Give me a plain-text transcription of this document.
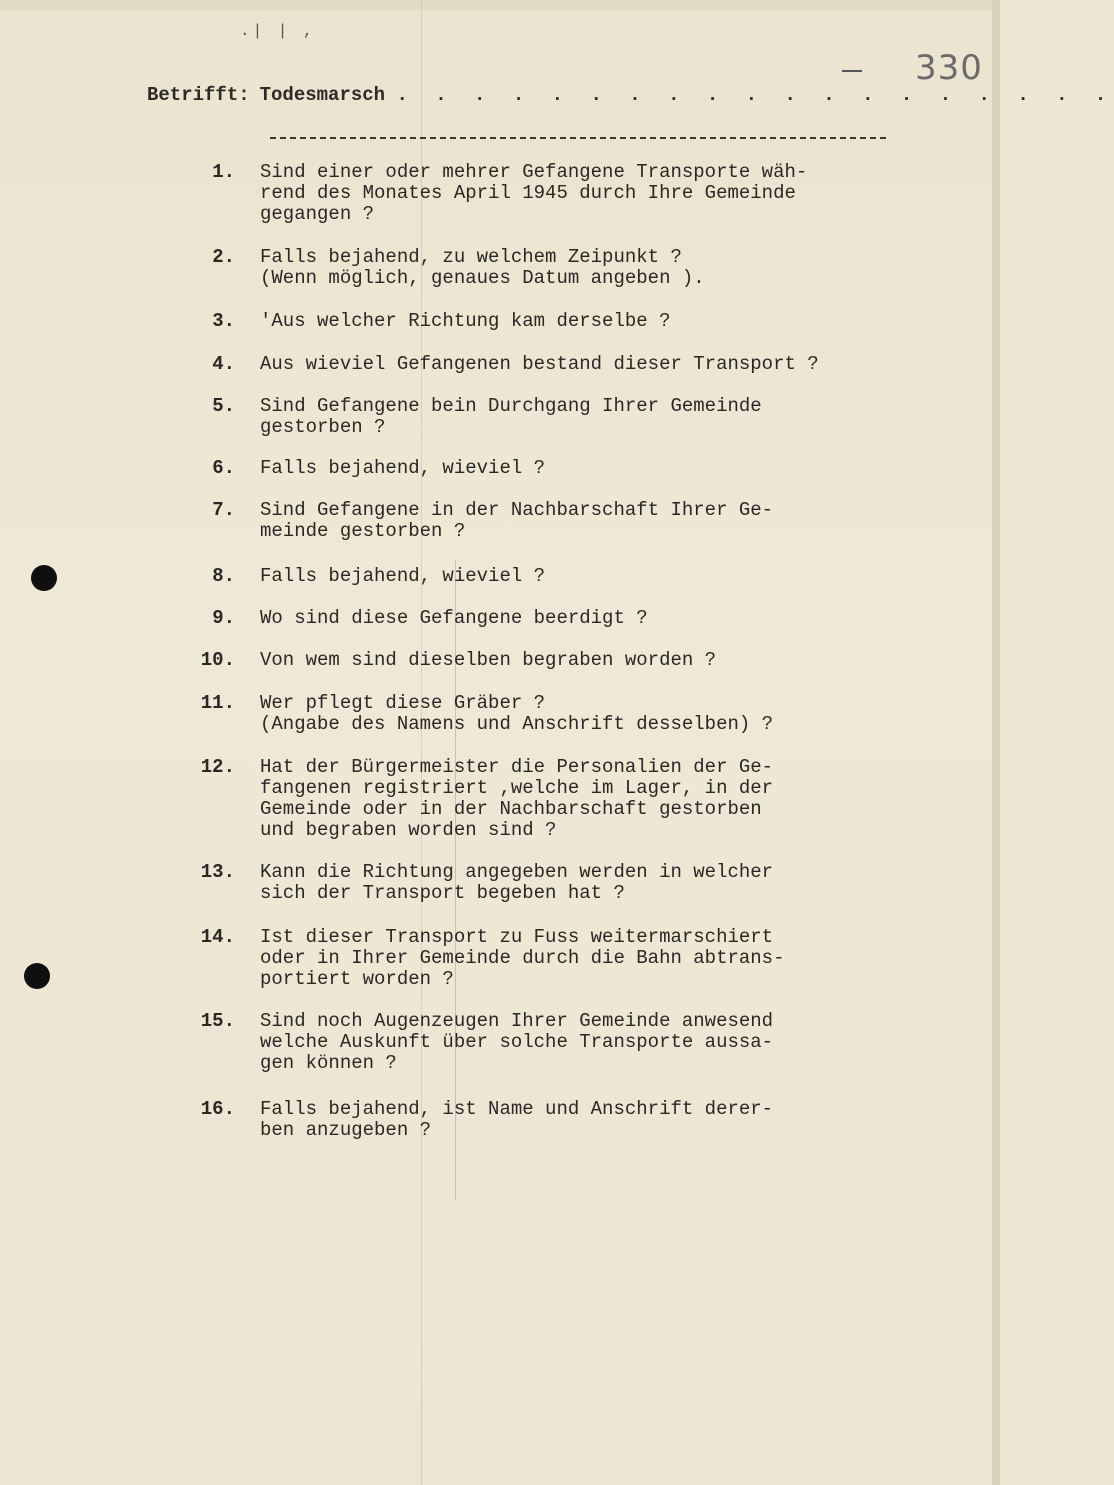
.| | ,
330
Betrifft: Todesmarsch . . . . . . . . . . . . . . . . . . .
1. Sind einer oder mehrer Gefangene Transporte wäh-
rend des Monates April 1945 durch Ihre Gemeinde
gegangen ?
2. Falls bejahend, zu welchem Zeipunkt ?
(Wenn möglich, genaues Datum angeben ).
3. 'Aus welcher Richtung kam derselbe ?
4. Aus wieviel Gefangenen bestand dieser Transport ?
5. Sind Gefangene bein Durchgang Ihrer Gemeinde
gestorben ?
6. Falls bejahend, wieviel ?
7. Sind Gefangene in der Nachbarschaft Ihrer Ge-
meinde gestorben ?
8. Falls bejahend, wieviel ?
9. Wo sind diese Gefangene beerdigt ?
10. Von wem sind dieselben begraben worden ?
11. Wer pflegt diese Gräber ?
(Angabe des Namens und Anschrift desselben) ?
12. Hat der Bürgermeister die Personalien der Ge-
fangenen registriert ,welche im Lager, in der
Gemeinde oder in der Nachbarschaft gestorben
und begraben worden sind ?
13. Kann die Richtung angegeben werden in welcher
sich der Transport begeben hat ?
14. Ist dieser Transport zu Fuss weitermarschiert
oder in Ihrer Gemeinde durch die Bahn abtrans-
portiert worden ?
15. Sind noch Augenzeugen Ihrer Gemeinde anwesend
welche Auskunft über solche Transporte aussa-
gen können ?
16. Falls bejahend, ist Name und Anschrift derer-
ben anzugeben ?
